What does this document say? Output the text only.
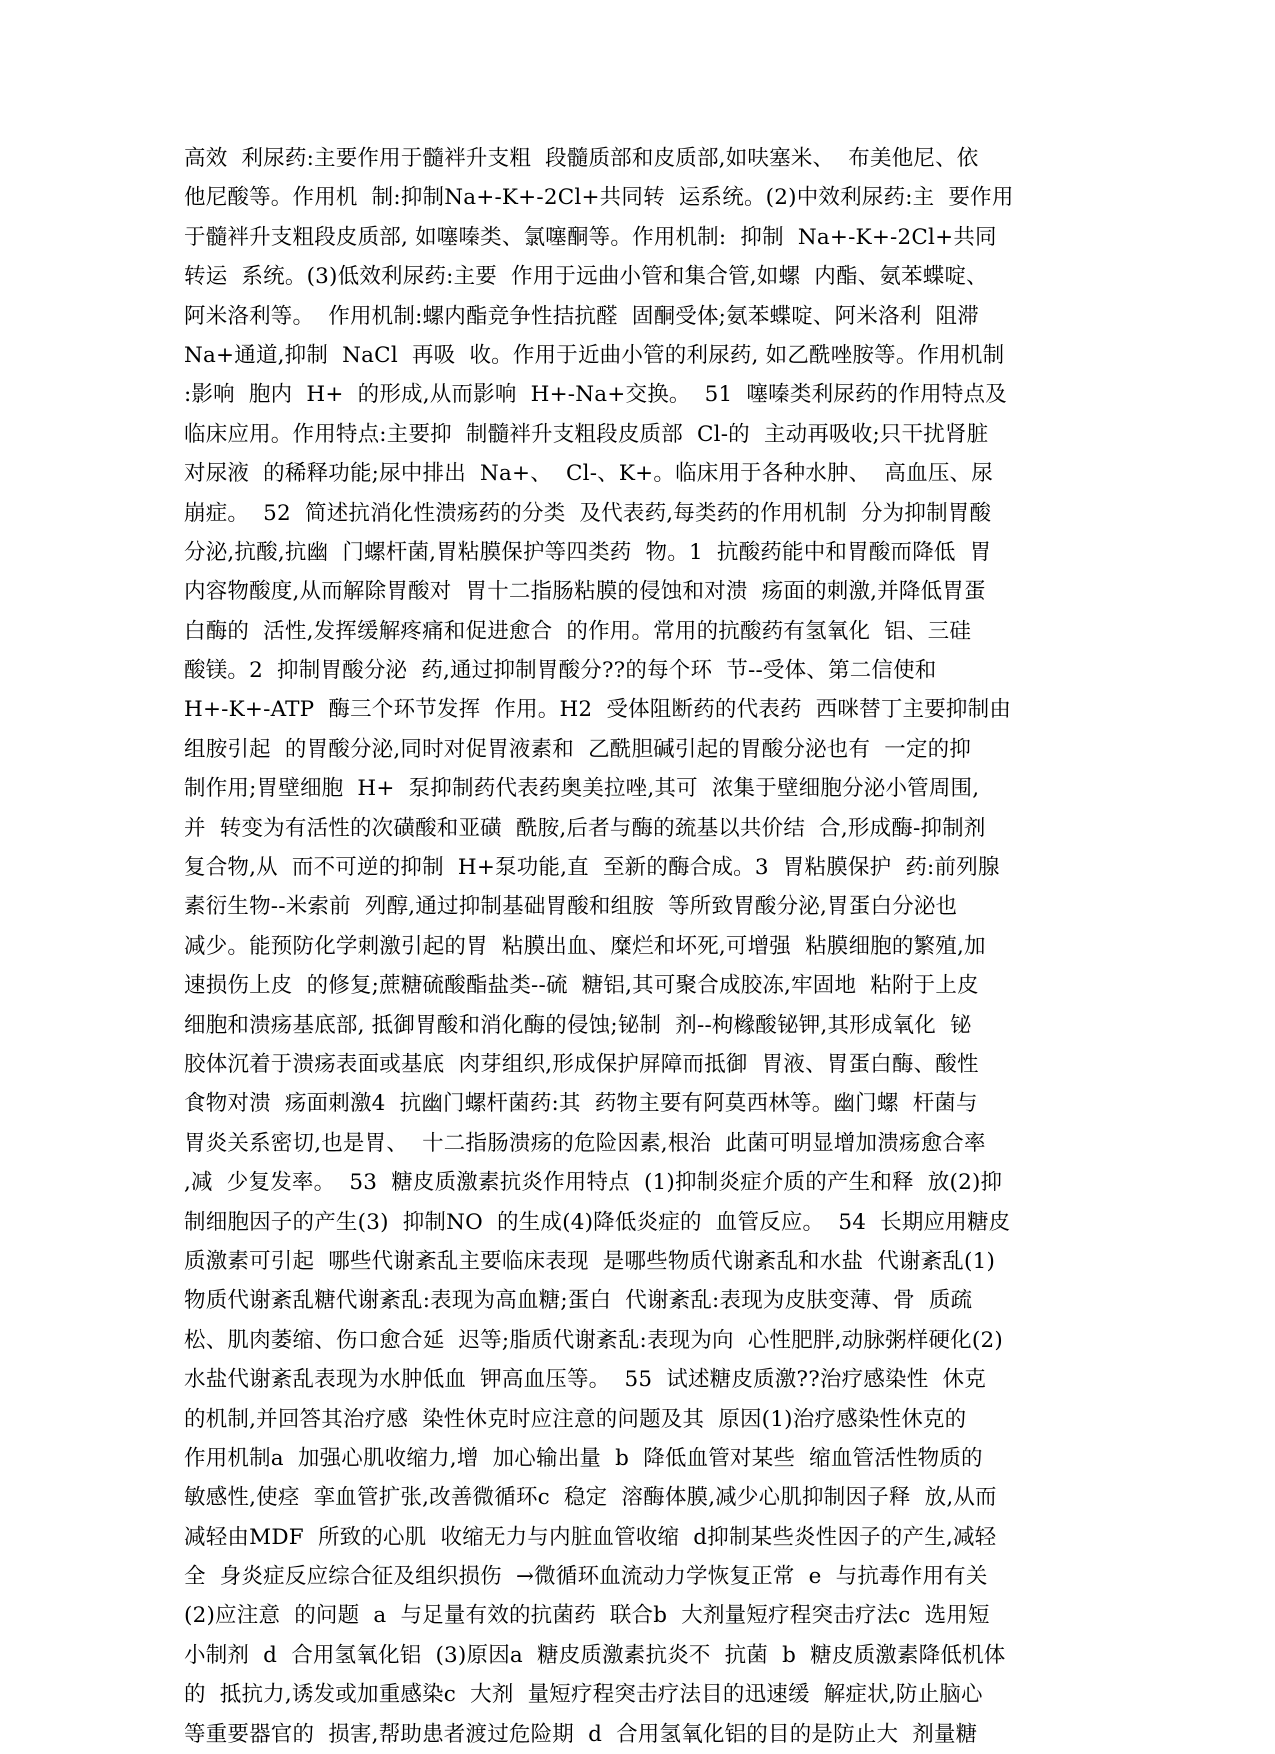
高效  利尿药:主要作用于髓袢升支粗  段髓质部和皮质部,如呋塞米、  布美他尼、依
他尼酸等。作用机  制:抑制Na+-K+-2Cl+共同转  运系统。(2)中效利尿药:主  要作用
于髓袢升支粗段皮质部, 如噻嗪类、氯噻酮等。作用机制:  抑制  Na+-K+-2Cl+共同
转运  系统。(3)低效利尿药:主要  作用于远曲小管和集合管,如螺  内酯、氨苯蝶啶、
阿米洛利等。  作用机制:螺内酯竞争性拮抗醛  固酮受体;氨苯蝶啶、阿米洛利  阻滞
Na+通道,抑制  NaCl  再吸  收。作用于近曲小管的利尿药, 如乙酰唑胺等。作用机制
:影响  胞内  H+  的形成,从而影响  H+-Na+交换。  51  噻嗪类利尿药的作用特点及
临床应用。作用特点:主要抑  制髓袢升支粗段皮质部  Cl-的  主动再吸收;只干扰肾脏
对尿液  的稀释功能;尿中排出  Na+、  Cl-、K+。临床用于各种水肿、  高血压、尿
崩症。  52  简述抗消化性溃疡药的分类  及代表药,每类药的作用机制  分为抑制胃酸
分泌,抗酸,抗幽  门螺杆菌,胃粘膜保护等四类药  物。1  抗酸药能中和胃酸而降低  胃
内容物酸度,从而解除胃酸对  胃十二指肠粘膜的侵蚀和对溃  疡面的刺激,并降低胃蛋
白酶的  活性,发挥缓解疼痛和促进愈合  的作用。常用的抗酸药有氢氧化  铝、三硅
酸镁。2  抑制胃酸分泌  药,通过抑制胃酸分??的每个环  节--受体、第二信使和
H+-K+-ATP  酶三个环节发挥  作用。H2  受体阻断药的代表药  西咪替丁主要抑制由
组胺引起  的胃酸分泌,同时对促胃液素和  乙酰胆碱引起的胃酸分泌也有  一定的抑
制作用;胃壁细胞  H+  泵抑制药代表药奥美拉唑,其可  浓集于壁细胞分泌小管周围,
并  转变为有活性的次磺酸和亚磺  酰胺,后者与酶的巯基以共价结  合,形成酶-抑制剂
复合物,从  而不可逆的抑制  H+泵功能,直  至新的酶合成。3  胃粘膜保护  药:前列腺
素衍生物--米索前  列醇,通过抑制基础胃酸和组胺  等所致胃酸分泌,胃蛋白分泌也
减少。能预防化学刺激引起的胃  粘膜出血、糜烂和坏死,可增强  粘膜细胞的繁殖,加
速损伤上皮  的修复;蔗糖硫酸酯盐类--硫  糖铝,其可聚合成胶冻,牢固地  粘附于上皮
细胞和溃疡基底部, 抵御胃酸和消化酶的侵蚀;铋制  剂--枸橼酸铋钾,其形成氧化  铋
胶体沉着于溃疡表面或基底  肉芽组织,形成保护屏障而抵御  胃液、胃蛋白酶、酸性
食物对溃  疡面刺激4  抗幽门螺杆菌药:其  药物主要有阿莫西林等。幽门螺  杆菌与
胃炎关系密切,也是胃、  十二指肠溃疡的危险因素,根治  此菌可明显增加溃疡愈合率
,减  少复发率。  53  糖皮质激素抗炎作用特点  (1)抑制炎症介质的产生和释  放(2)抑
制细胞因子的产生(3)  抑制NO  的生成(4)降低炎症的  血管反应。  54  长期应用糖皮
质激素可引起  哪些代谢紊乱主要临床表现  是哪些物质代谢紊乱和水盐  代谢紊乱(1)
物质代谢紊乱糖代谢紊乱:表现为高血糖;蛋白  代谢紊乱:表现为皮肤变薄、骨  质疏
松、肌肉萎缩、伤口愈合延  迟等;脂质代谢紊乱:表现为向  心性肥胖,动脉粥样硬化(2)
水盐代谢紊乱表现为水肿低血  钾高血压等。  55  试述糖皮质激??治疗感染性  休克
的机制,并回答其治疗感  染性休克时应注意的问题及其  原因(1)治疗感染性休克的
作用机制a  加强心肌收缩力,增  加心输出量  b  降低血管对某些  缩血管活性物质的
敏感性,使痉  挛血管扩张,改善微循环c  稳定  溶酶体膜,减少心肌抑制因子释  放,从而
减轻由MDF  所致的心肌  收缩无力与内脏血管收缩  d抑制某些炎性因子的产生,减轻
全  身炎症反应综合征及组织损伤  →微循环血流动力学恢复正常  e  与抗毒作用有关
(2)应注意  的问题  a  与足量有效的抗菌药  联合b  大剂量短疗程突击疗法c  选用短
小制剂  d  合用氢氧化铝  (3)原因a  糖皮质激素抗炎不  抗菌  b  糖皮质激素降低机体
的  抵抗力,诱发或加重感染c  大剂  量短疗程突击疗法目的迅速缓  解症状,防止脑心
等重要器官的  损害,帮助患者渡过危险期  d  合用氢氧化铝的目的是防止大  剂量糖
